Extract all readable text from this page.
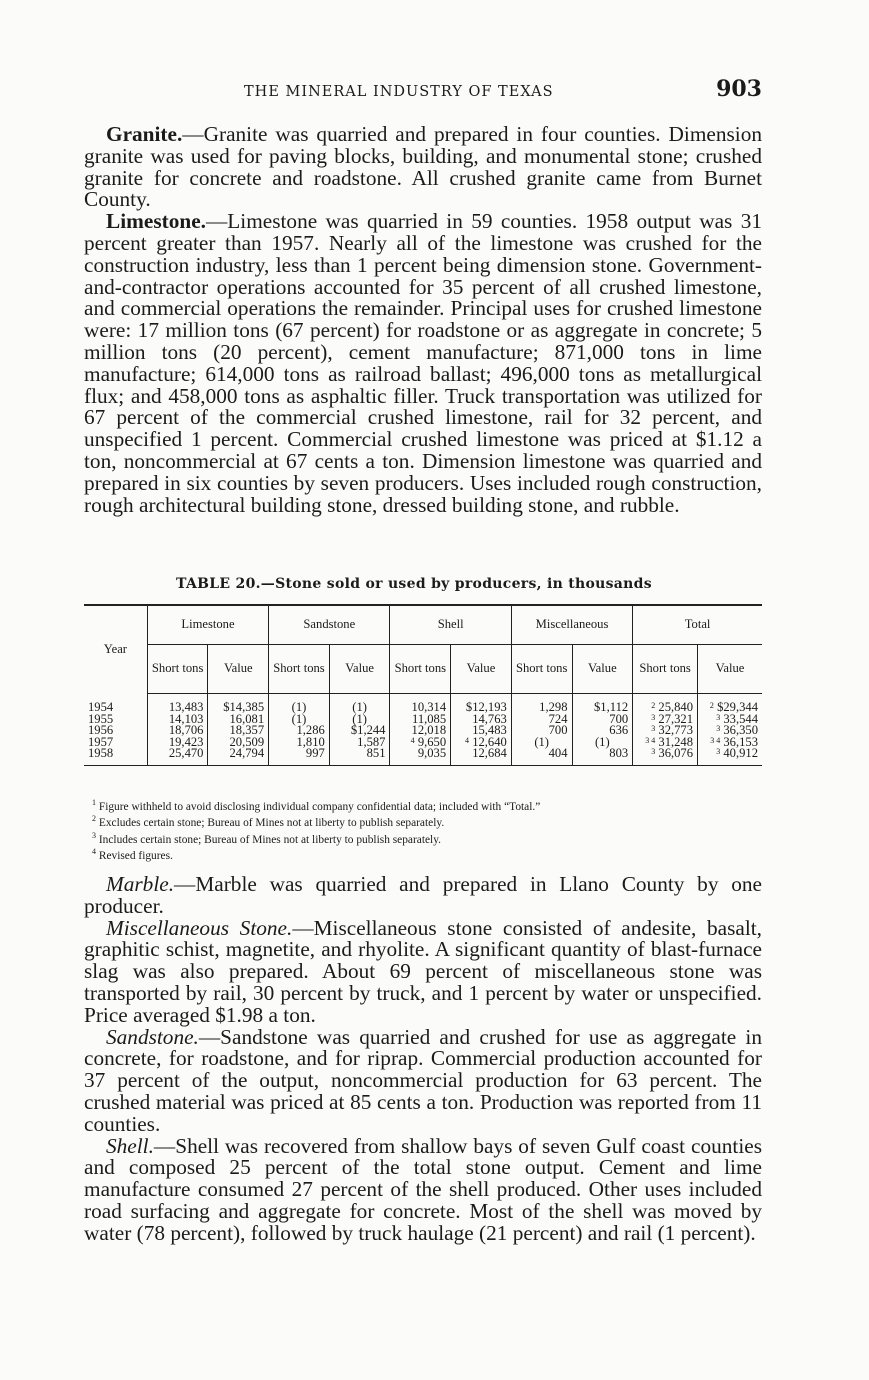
THE MINERAL INDUSTRY OF TEXAS	903

Granite.—Granite was quarried and prepared in four counties. Dimension granite was used for paving blocks, building, and monumental stone; crushed granite for concrete and roadstone. All crushed granite came from Burnet County.

Limestone.—Limestone was quarried in 59 counties. 1958 output was 31 percent greater than 1957. Nearly all of the limestone was crushed for the construction industry, less than 1 percent being dimension stone. Government-and-contractor operations accounted for 35 percent of all crushed limestone, and commercial operations the remainder. Principal uses for crushed limestone were: 17 million tons (67 percent) for roadstone or as aggregate in concrete; 5 million tons (20 percent), cement manufacture; 871,000 tons in lime manufacture; 614,000 tons as railroad ballast; 496,000 tons as metallurgical flux; and 458,000 tons as asphaltic filler. Truck transportation was utilized for 67 percent of the commercial crushed limestone, rail for 32 percent, and unspecified 1 percent. Commercial crushed limestone was priced at $1.12 a ton, noncommercial at 67 cents a ton. Dimension limestone was quarried and prepared in six counties by seven producers. Uses included rough construction, rough architectural building stone, dressed building stone, and rubble.

TABLE 20.—Stone sold or used by producers, in thousands
Year	Limestone		Sandstone		Shell		Miscellaneous		Total	
	Short tons	Value	Short tons	Value	Short tons	Value	Short tons	Value	Short tons	Value
1954	13,483	$14,385	(1)	(1)	10,314	$12,193	1,298	$1,112	$^2$ 25,840	$^2$ $29,344
1955	14,103	16,081	(1)	(1)	11,085	14,763	724	700	$^3$ 27,321	$^3$ 33,544
1956	18,706	18,357	1,286	$1,244	12,018	15,483	700	636	$^3$ 32,773	$^3$ 36,350
1957	19,423	20,509	1,810	1,587	$^4$ 9,650	$^4$ 12,640	(1)	(1)	$^{3 4}$ 31,248	$^{3 4}$ 36,153
1958	25,470	24,794	997	851	9,035	12,684	404	803	$^3$ 36,076	$^3$ 40,912
$^1$ Figure withheld to avoid disclosing individual company confidential data; included with “Total.”
$^2$ Excludes certain stone; Bureau of Mines not at liberty to publish separately.
$^3$ Includes certain stone; Bureau of Mines not at liberty to publish separately.
$^4$ Revised figures.

Marble.—Marble was quarried and prepared in Llano County by one producer.

Miscellaneous Stone.—Miscellaneous stone consisted of andesite, basalt, graphitic schist, magnetite, and rhyolite. A significant quantity of blast-furnace slag was also prepared. About 69 percent of miscellaneous stone was transported by rail, 30 percent by truck, and 1 percent by water or unspecified. Price averaged $1.98 a ton.

Sandstone.—Sandstone was quarried and crushed for use as aggregate in concrete, for roadstone, and for riprap. Commercial production accounted for 37 percent of the output, noncommercial production for 63 percent. The crushed material was priced at 85 cents a ton. Production was reported from 11 counties.

Shell.—Shell was recovered from shallow bays of seven Gulf coast counties and composed 25 percent of the total stone output. Cement and lime manufacture consumed 27 percent of the shell produced. Other uses included road surfacing and aggregate for concrete. Most of the shell was moved by water (78 percent), followed by truck haulage (21 percent) and rail (1 percent).
